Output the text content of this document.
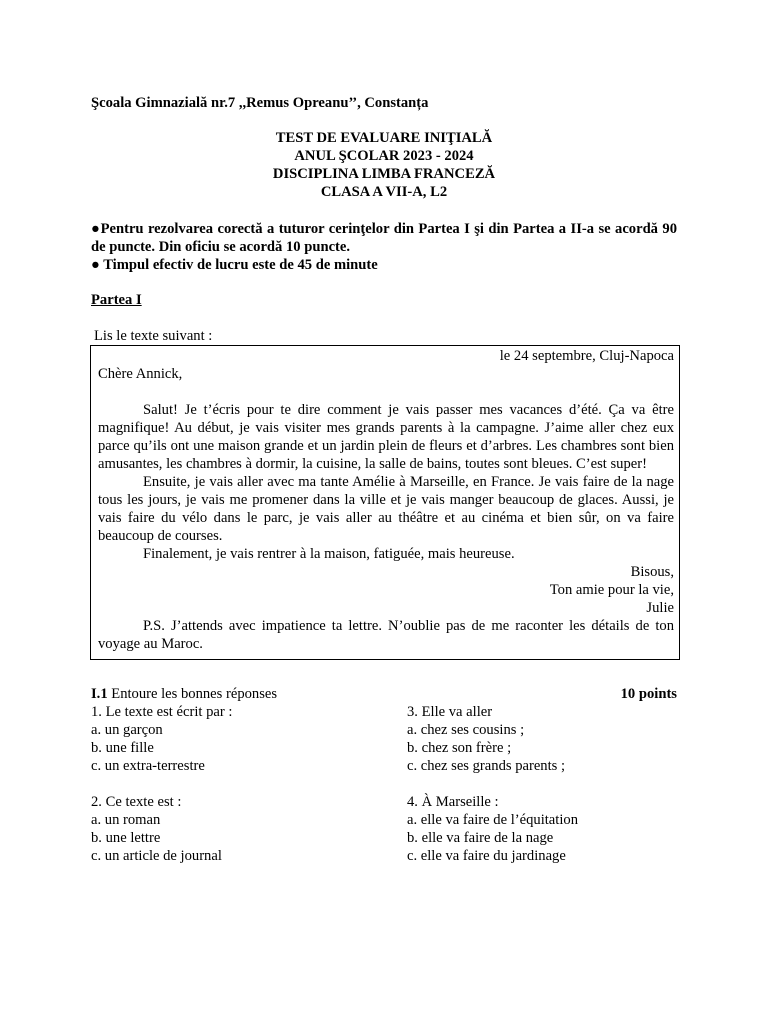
Şcoala Gimnazială nr.7 ,,Remus Opreanu’’, Constanța
TEST DE EVALUARE INIŢIALĂ
ANUL ŞCOLAR 2023 - 2024
DISCIPLINA LIMBA FRANCEZĂ
CLASA A VII-A, L2
●Pentru rezolvarea corectă a tuturor cerinţelor din Partea I şi din Partea a II-a se acordă 90 de puncte. Din oficiu se acordă 10 puncte.
● Timpul efectiv de lucru este de 45 de minute
Partea I
Lis le texte suivant :
le 24 septembre, Cluj-Napoca
Chère Annick,
Salut! Je t’écris pour te dire comment je vais passer mes vacances d’été. Ça va être magnifique! Au début, je vais visiter mes grands parents à la campagne. J’aime aller chez eux parce qu’ils ont une maison grande et un jardin plein de fleurs et d’arbres. Les chambres sont bien amusantes, les chambres à dormir, la cuisine, la salle de bains, toutes sont bleues. C’est super!
Ensuite, je vais aller avec ma tante Amélie à Marseille, en France. Je vais faire de la nage tous les jours, je vais me promener dans la ville et je vais manger beaucoup de glaces. Aussi, je vais faire du vélo dans le parc, je vais aller au théâtre et au cinéma et bien sûr, on va faire beaucoup de courses.
Finalement, je vais rentrer à la maison, fatiguée, mais heureuse.
Bisous,
Ton amie pour la vie,
Julie
P.S. J’attends avec impatience ta lettre. N’oublie pas de me raconter les détails de ton voyage au Maroc.
I.1 Entoure les bonnes réponses	10 points
1. Le texte est écrit par :
a. un garçon
b. une fille
c. un extra-terrestre
2. Ce texte est :
a. un roman
b. une lettre
c. un article de journal
3. Elle va aller
a. chez ses cousins ;
b. chez son frère ;
c. chez ses grands parents ;
4. À Marseille :
a. elle va faire de l’équitation
b. elle va faire de la nage
c. elle va faire du jardinage
